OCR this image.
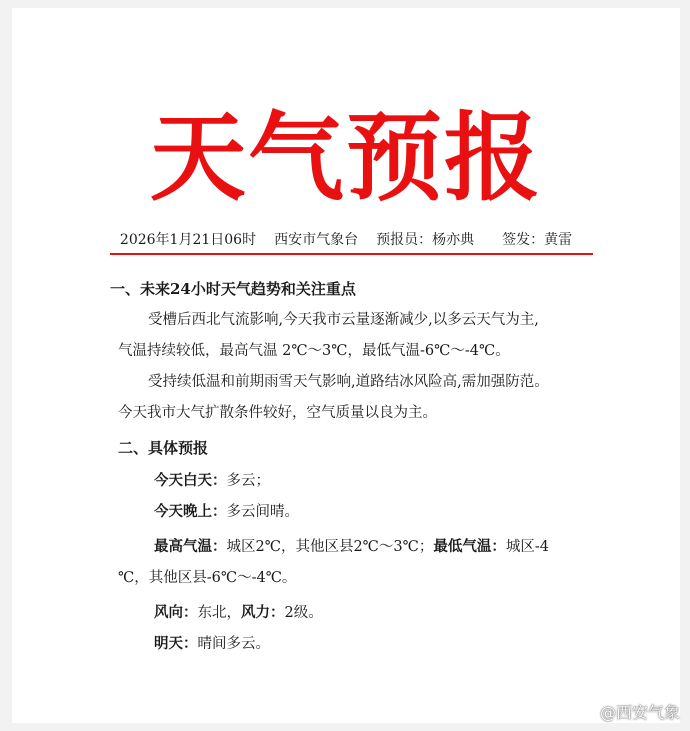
天气预报
2026年1月21日06时 西安市气象台 预报员：杨亦典 签发：黄雷
一、未来24小时天气趋势和关注重点
受槽后西北气流影响,今天我市云量逐渐减少,以多云天气为主,
气温持续较低，最高气温 2℃～3℃，最低气温-6℃～-4℃。
受持续低温和前期雨雪天气影响,道路结冰风险高,需加强防范。
今天我市大气扩散条件较好，空气质量以良为主。
二、具体预报
今天白天：多云；
今天晚上：多云间晴。
最高气温：城区2℃，其他区县2℃～3℃；最低气温：城区-4
℃，其他区县-6℃～-4℃。
风向：东北，风力：2级。
明天：晴间多云。
@西安气象
